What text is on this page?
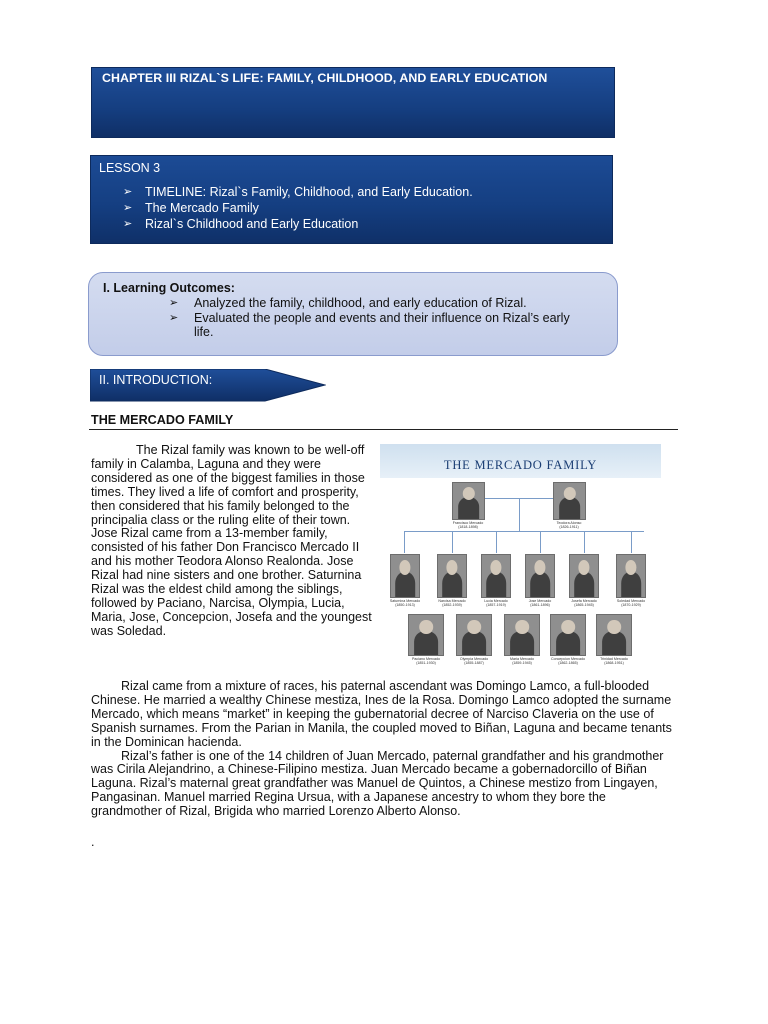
CHAPTER III RIZAL`S LIFE: FAMILY, CHILDHOOD, AND EARLY EDUCATION
LESSON 3
➢ TIMELINE: Rizal`s Family, Childhood, and Early Education.
➢ The Mercado Family
➢ Rizal`s Childhood and Early Education
I. Learning Outcomes:
➢ Analyzed the family, childhood, and early education of Rizal.
➢ Evaluated the people and events and their influence on Rizal’s early life.
II. INTRODUCTION:
THE MERCADO FAMILY

The Rizal family was known to be well-off family in Calamba, Laguna and they were considered as one of the biggest families in those times. They lived a life of comfort and prosperity, then considered that his family belonged to the principalia class or the ruling elite of their town. Jose Rizal came from a 13-member family, consisted of his father Don Francisco Mercado II and his mother Teodora Alonso Realonda. Jose Rizal had nine sisters and one brother. Saturnina Rizal was the eldest child among the siblings, followed by Paciano, Narcisa, Olympia, Lucia, Maria, Jose, Concepcion, Josefa and the youngest was Soledad.

THE MERCADO FAMILY
Francisco Mercado
(1818-1898)
Teodora Alonso
(1826-1911)
Saturnina Mercado
(1850-1913)
Narcisa Mercado
(1852-1939)
Lucia Mercado
(1857-1919)
Jose Mercado
(1861-1896)
Josefa Mercado
(1865-1945)
Soledad Mercado
(1870-1929)
Paciano Mercado
(1851-1930)
Olympia Mercado
(1855-1887)
Maria Mercado
(1859-1945)
Concepcion Mercado
(1862-1865)
Trinidad Mercado
(1868-1951)

Rizal came from a mixture of races, his paternal ascendant was Domingo Lamco, a full-blooded Chinese. He married a wealthy Chinese mestiza, Ines de la Rosa. Domingo Lamco adopted the surname Mercado, which means “market” in keeping the gubernatorial decree of Narciso Claveria on the use of Spanish surnames. From the Parian in Manila, the coupled moved to Biñan, Laguna and became tenants in the Dominican hacienda.
Rizal’s father is one of the 14 children of Juan Mercado, paternal grandfather and his grandmother was Cirila Alejandrino, a Chinese-Filipino mestiza. Juan Mercado became a gobernadorcillo of Biñan Laguna. Rizal’s maternal great grandfather was Manuel de Quintos, a Chinese mestizo from Lingayen, Pangasinan. Manuel married Regina Ursua, with a Japanese ancestry to whom they bore the grandmother of Rizal, Brigida who married Lorenzo Alberto Alonso.

.
